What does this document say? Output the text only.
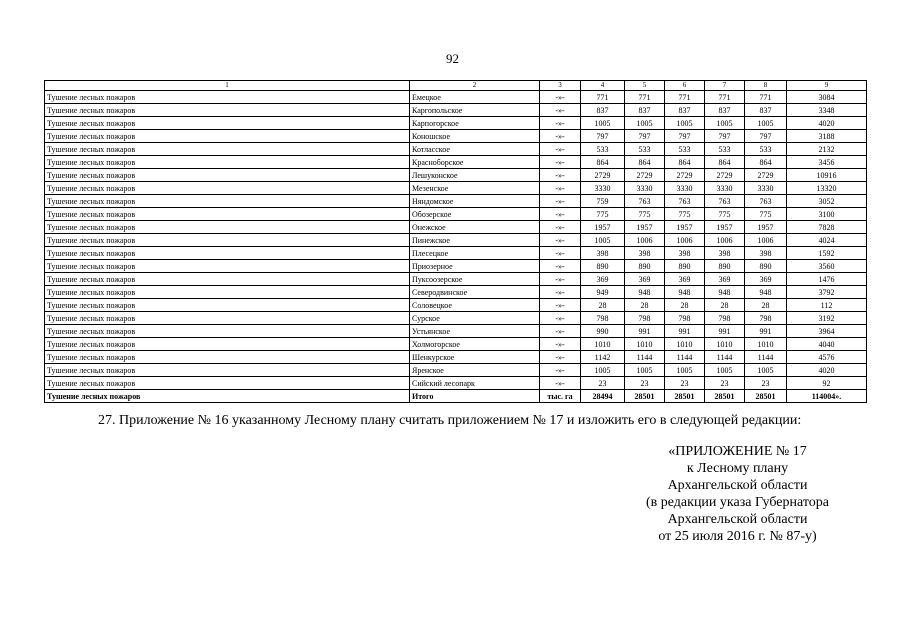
92
1	2	3	4	5	6	7	8	9
Тушение лесных пожаров	Емецкое	-»-	771	771	771	771	771	3084
Тушение лесных пожаров	Каргопольское	-»-	837	837	837	837	837	3348
Тушение лесных пожаров	Карпогорское	-»-	1005	1005	1005	1005	1005	4020
Тушение лесных пожаров	Коношское	-»-	797	797	797	797	797	3188
Тушение лесных пожаров	Котласское	-»-	533	533	533	533	533	2132
Тушение лесных пожаров	Красноборское	-»-	864	864	864	864	864	3456
Тушение лесных пожаров	Лешуконское	-»-	2729	2729	2729	2729	2729	10916
Тушение лесных пожаров	Мезенское	-»-	3330	3330	3330	3330	3330	13320
Тушение лесных пожаров	Няндомское	-»-	759	763	763	763	763	3052
Тушение лесных пожаров	Обозерское	-»-	775	775	775	775	775	3100
Тушение лесных пожаров	Онежское	-»-	1957	1957	1957	1957	1957	7828
Тушение лесных пожаров	Пинежское	-»-	1005	1006	1006	1006	1006	4024
Тушение лесных пожаров	Плесецкое	-»-	398	398	398	398	398	1592
Тушение лесных пожаров	Приозерное	-»-	890	890	890	890	890	3560
Тушение лесных пожаров	Пуксоозерское	-»-	369	369	369	369	369	1476
Тушение лесных пожаров	Северодвинское	-»-	949	948	948	948	948	3792
Тушение лесных пожаров	Соловецкое	-»-	28	28	28	28	28	112
Тушение лесных пожаров	Сурское	-»-	798	798	798	798	798	3192
Тушение лесных пожаров	Устьянское	-»-	990	991	991	991	991	3964
Тушение лесных пожаров	Холмогорское	-»-	1010	1010	1010	1010	1010	4040
Тушение лесных пожаров	Шенкурское	-»-	1142	1144	1144	1144	1144	4576
Тушение лесных пожаров	Яренское	-»-	1005	1005	1005	1005	1005	4020
Тушение лесных пожаров	Сийский лесопарк	-»-	23	23	23	23	23	92
Тушение лесных пожаров	Итого	тыс. га	28494	28501	28501	28501	28501	114004».
27. Приложение № 16 указанному Лесному плану считать приложением № 17 и изложить его в следующей редакции:
«ПРИЛОЖЕНИЕ № 17
к Лесному плану
Архангельской области
(в редакции указа Губернатора
Архангельской области
от 25 июля 2016 г. № 87-у)
